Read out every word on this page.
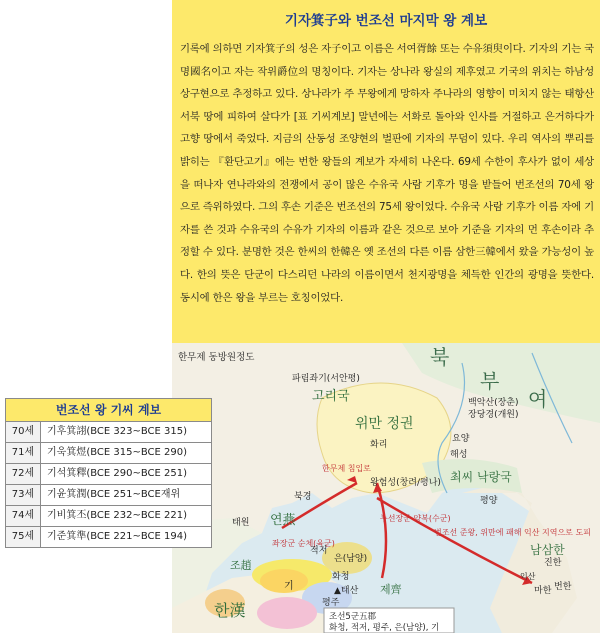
기자箕子와 번조선 마지막 왕 계보
기록에 의하면 기자箕子의 성은 자子이고 이름은 서여胥餘 또는 수유須臾이다. 기자의 기는 국명國名이고 자는 작위爵位의 명칭이다. 기자는 상나라 왕실의 제후였고 기국의 위치는 하남성 상구현으로 추정하고 있다. 상나라가 주 무왕에게 망하자 주나라의 영향이 미치지 않는 태항산 서북 땅에 피하여 살다가 [표 기씨계보] 말년에는 서화로 돌아와 인사를 거절하고 은거하다가 고향 땅에서 죽었다. 지금의 산동성 조양현의 벌판에 기자의 무덤이 있다. 우리 역사의 뿌리를 밝히는 『환단고기』에는 번한 왕들의 계보가 자세히 나온다. 69세 수한이 후사가 없이 세상을 떠나자 연나라와의 전쟁에서 공이 많은 수유국 사람 기후가 명을 받들어 번조선의 70세 왕으로 즉위하였다. 그의 후손 기준은 번조선의 75세 왕이었다. 수유국 사람 기후가 이름 자에 기자를 쓴 것과 수유국의 수유가 기자의 이름과 같은 것으로 보아 기준을 기자의 먼 후손이라 추정할 수 있다. 분명한 것은 한씨의 한韓은 옛 조선의 다른 이름 삼한三韓에서 왔을 가능성이 높다. 한의 뜻은 단군이 다스리던 나라의 이름이면서 천지광명을 체득한 인간의 광명을 뜻한다. 동시에 한은 왕을 부르는 호칭이었다.
한무제 동방원정도	북
부
여
파림좌기(서안평)
고리국
위만 정권
백악산(장춘)
장당경(개원)
화리
요양
해성
최씨 낙랑국
왕험성(창려/평나)
평양
북경
태원 연燕
좌장군 순체(육군)
누선장군 양복(수군)
번조선 준왕, 위만에 패해 익산 지역으로 도피
한무제 침입로
적저
조趙
기
은(남양)
화청
▲태산 제齊
평주
한漢
남삼한
진한
마한 번한
익산
조선5군五郡
화청, 적저, 평주, 은(남양), 기
번조선 왕 기씨 계보
70세	기후箕詡(BCE 323~BCE 315)
71세	기욱箕煜(BCE 315~BCE 290)
72세	기석箕釋(BCE 290~BCE 251)
73세	기윤箕潤(BCE 251~BCE재위
74세	기비箕丕(BCE 232~BCE 221)
75세	기준箕準(BCE 221~BCE 194)
